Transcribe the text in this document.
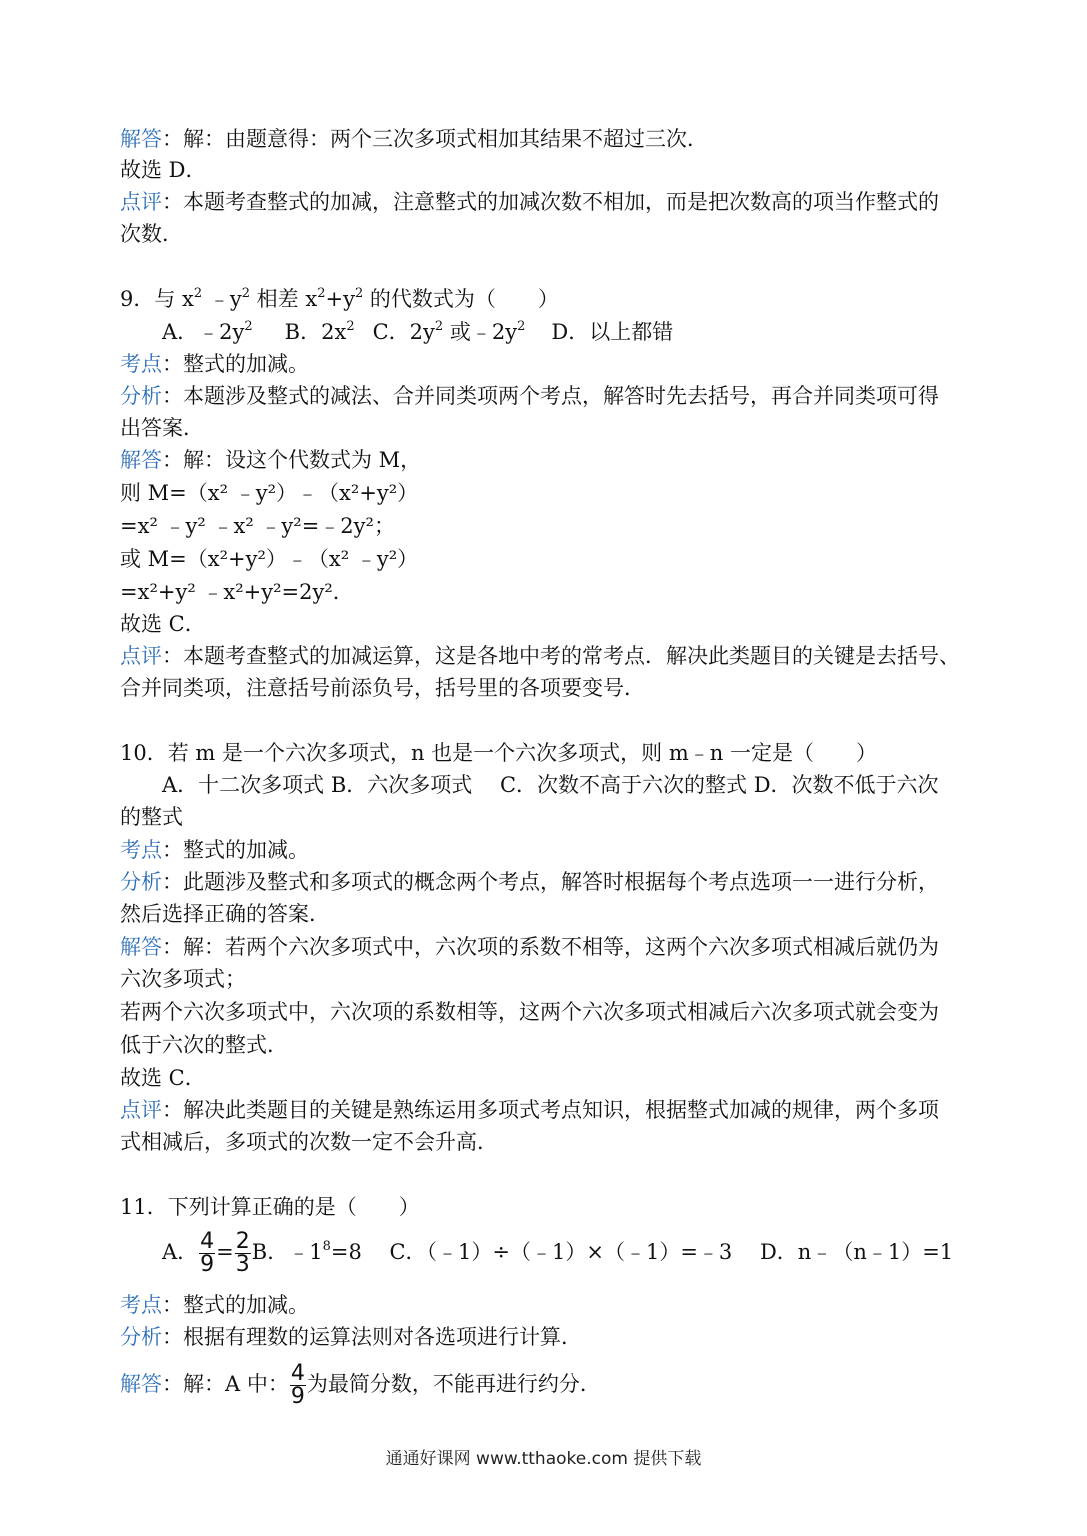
解答：解：由题意得：两个三次多项式相加其结果不超过三次．
故选 D．
点评：本题考查整式的加减，注意整式的加减次数不相加，而是把次数高的项当作整式的
次数．
9．与 $x^2$ $﹣y^2$ 相差 $x^2+y^2$ 的代数式为（　　）
A．$﹣2y^2$ B．$2x^2$ C．$2y^2$ 或$﹣2y^2$ D．以上都错
考点：整式的加减。
分析：本题涉及整式的减法、合并同类项两个考点，解答时先去括号，再合并同类项可得
出答案．
解答：解：设这个代数式为 M，
则 M=（x² ﹣y²）﹣（x²+y²）
=x² ﹣y² ﹣x² ﹣y²=﹣2y²；
或 M=（x²+y²）﹣（x² ﹣y²）
=x²+y² ﹣x²+y²=2y²．
故选 C．
点评：本题考查整式的加减运算，这是各地中考的常考点．解决此类题目的关键是去括号、
合并同类项，注意括号前添负号，括号里的各项要变号．
10．若 m 是一个六次多项式，n 也是一个六次多项式，则 m﹣n 一定是（　　）
A．十二次多项式 B．六次多项式　 C．次数不高于六次的整式 D．次数不低于六次
的整式
考点：整式的加减。
分析：此题涉及整式和多项式的概念两个考点，解答时根据每个考点选项一一进行分析，
然后选择正确的答案．
解答：解：若两个六次多项式中，六次项的系数不相等，这两个六次多项式相减后就仍为
六次多项式；
若两个六次多项式中，六次项的系数相等，这两个六次多项式相减后六次多项式就会变为
低于六次的整式．
故选 C．
点评：解决此类题目的关键是熟练运用多项式考点知识，根据整式加减的规律，两个多项
式相减后，多项式的次数一定不会升高．
11．下列计算正确的是（　　）
A． $\frac{4}{9} = \frac{2}{3}$ B．$﹣1^8=8$　 C．（﹣1）÷（﹣1）×（﹣1）=﹣3　 D．n﹣（n﹣1）=1
考点：整式的加减。
分析：根据有理数的运算法则对各选项进行计算．
解答：解：A 中： $\frac{4}{9}$ 为最简分数，不能再进行约分．
通通好课网 www.tthaoke.com 提供下载
